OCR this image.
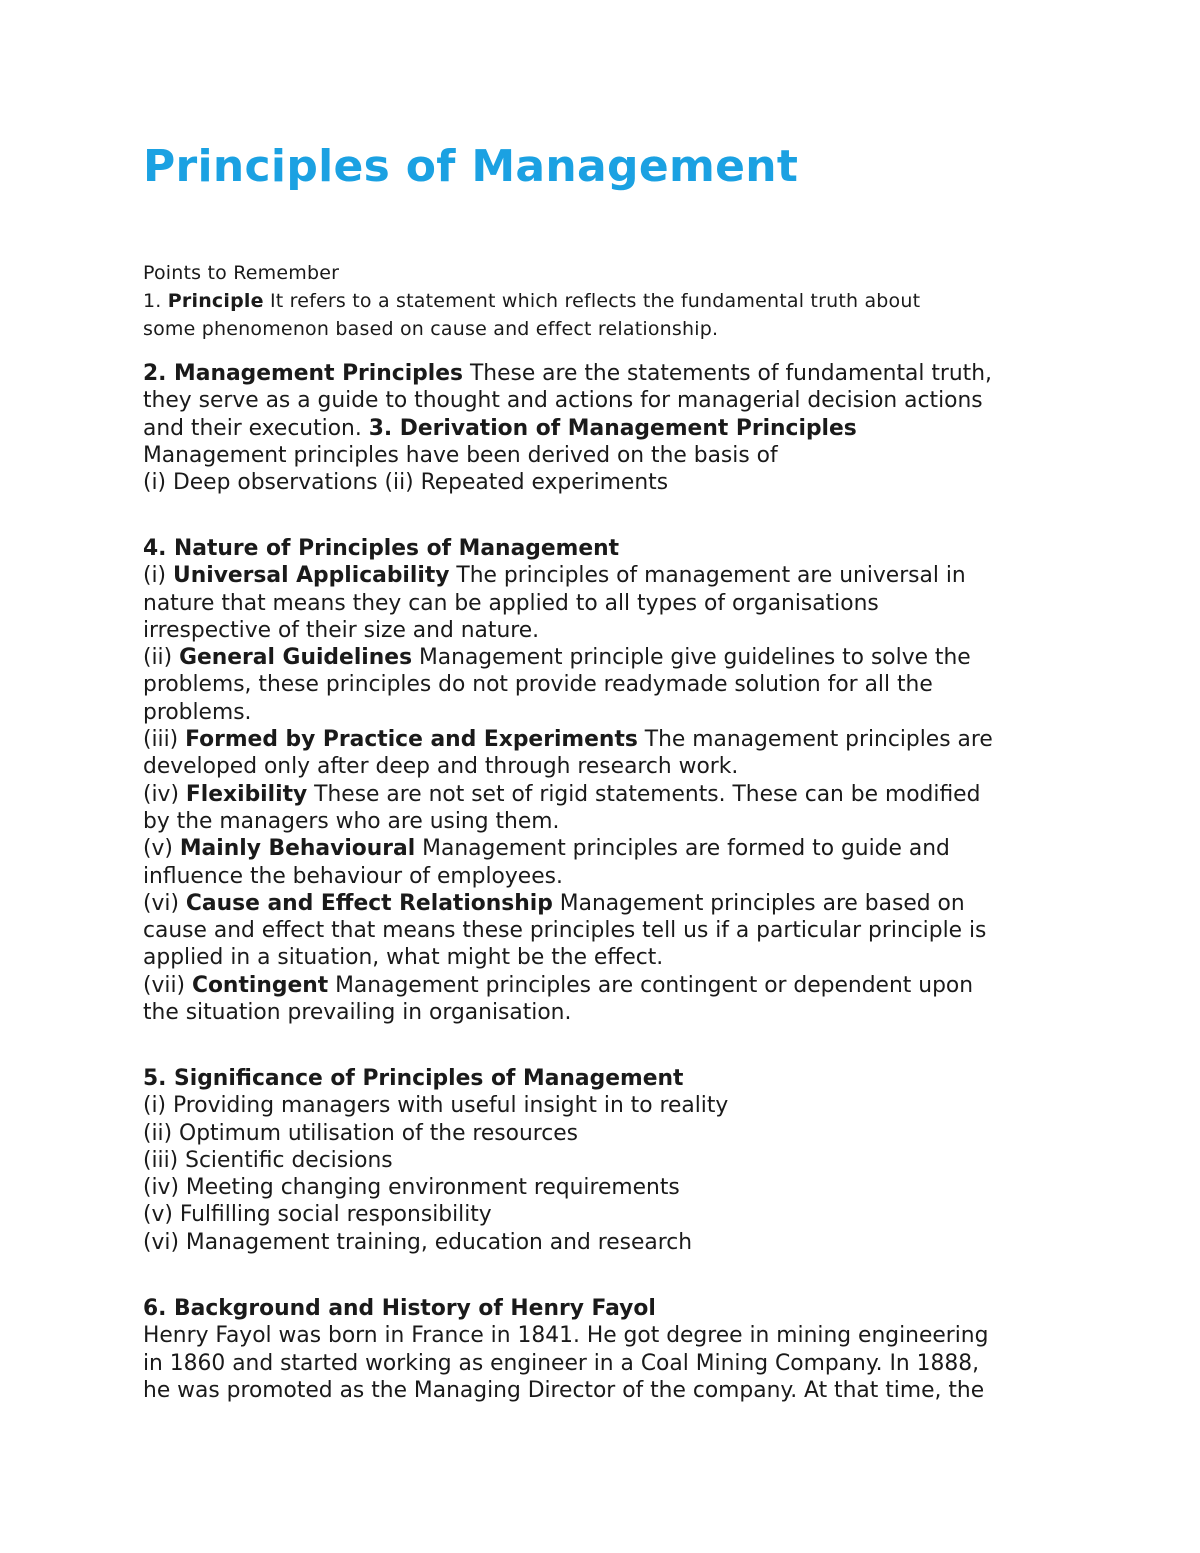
Principles of Management
Points to Remember
1. Principle It refers to a statement which reflects the fundamental truth about
some phenomenon based on cause and effect relationship.
2. Management Principles These are the statements of fundamental truth,
they serve as a guide to thought and actions for managerial decision actions
and their execution. 3. Derivation of Management Principles
Management principles have been derived on the basis of
(i) Deep observations (ii) Repeated experiments
4. Nature of Principles of Management
(i) Universal Applicability The principles of management are universal in
nature that means they can be applied to all types of organisations
irrespective of their size and nature.
(ii) General Guidelines Management principle give guidelines to solve the
problems, these principles do not provide readymade solution for all the
problems.
(iii) Formed by Practice and Experiments The management principles are
developed only after deep and through research work.
(iv) Flexibility These are not set of rigid statements. These can be modified
by the managers who are using them.
(v) Mainly Behavioural Management principles are formed to guide and
influence the behaviour of employees.
(vi) Cause and Effect Relationship Management principles are based on
cause and effect that means these principles tell us if a particular principle is
applied in a situation, what might be the effect.
(vii) Contingent Management principles are contingent or dependent upon
the situation prevailing in organisation.
5. Significance of Principles of Management
(i) Providing managers with useful insight in to reality
(ii) Optimum utilisation of the resources
(iii) Scientific decisions
(iv) Meeting changing environment requirements
(v) Fulfilling social responsibility
(vi) Management training, education and research
6. Background and History of Henry Fayol
Henry Fayol was born in France in 1841. He got degree in mining engineering
in 1860 and started working as engineer in a Coal Mining Company. In 1888,
he was promoted as the Managing Director of the company. At that time, the
